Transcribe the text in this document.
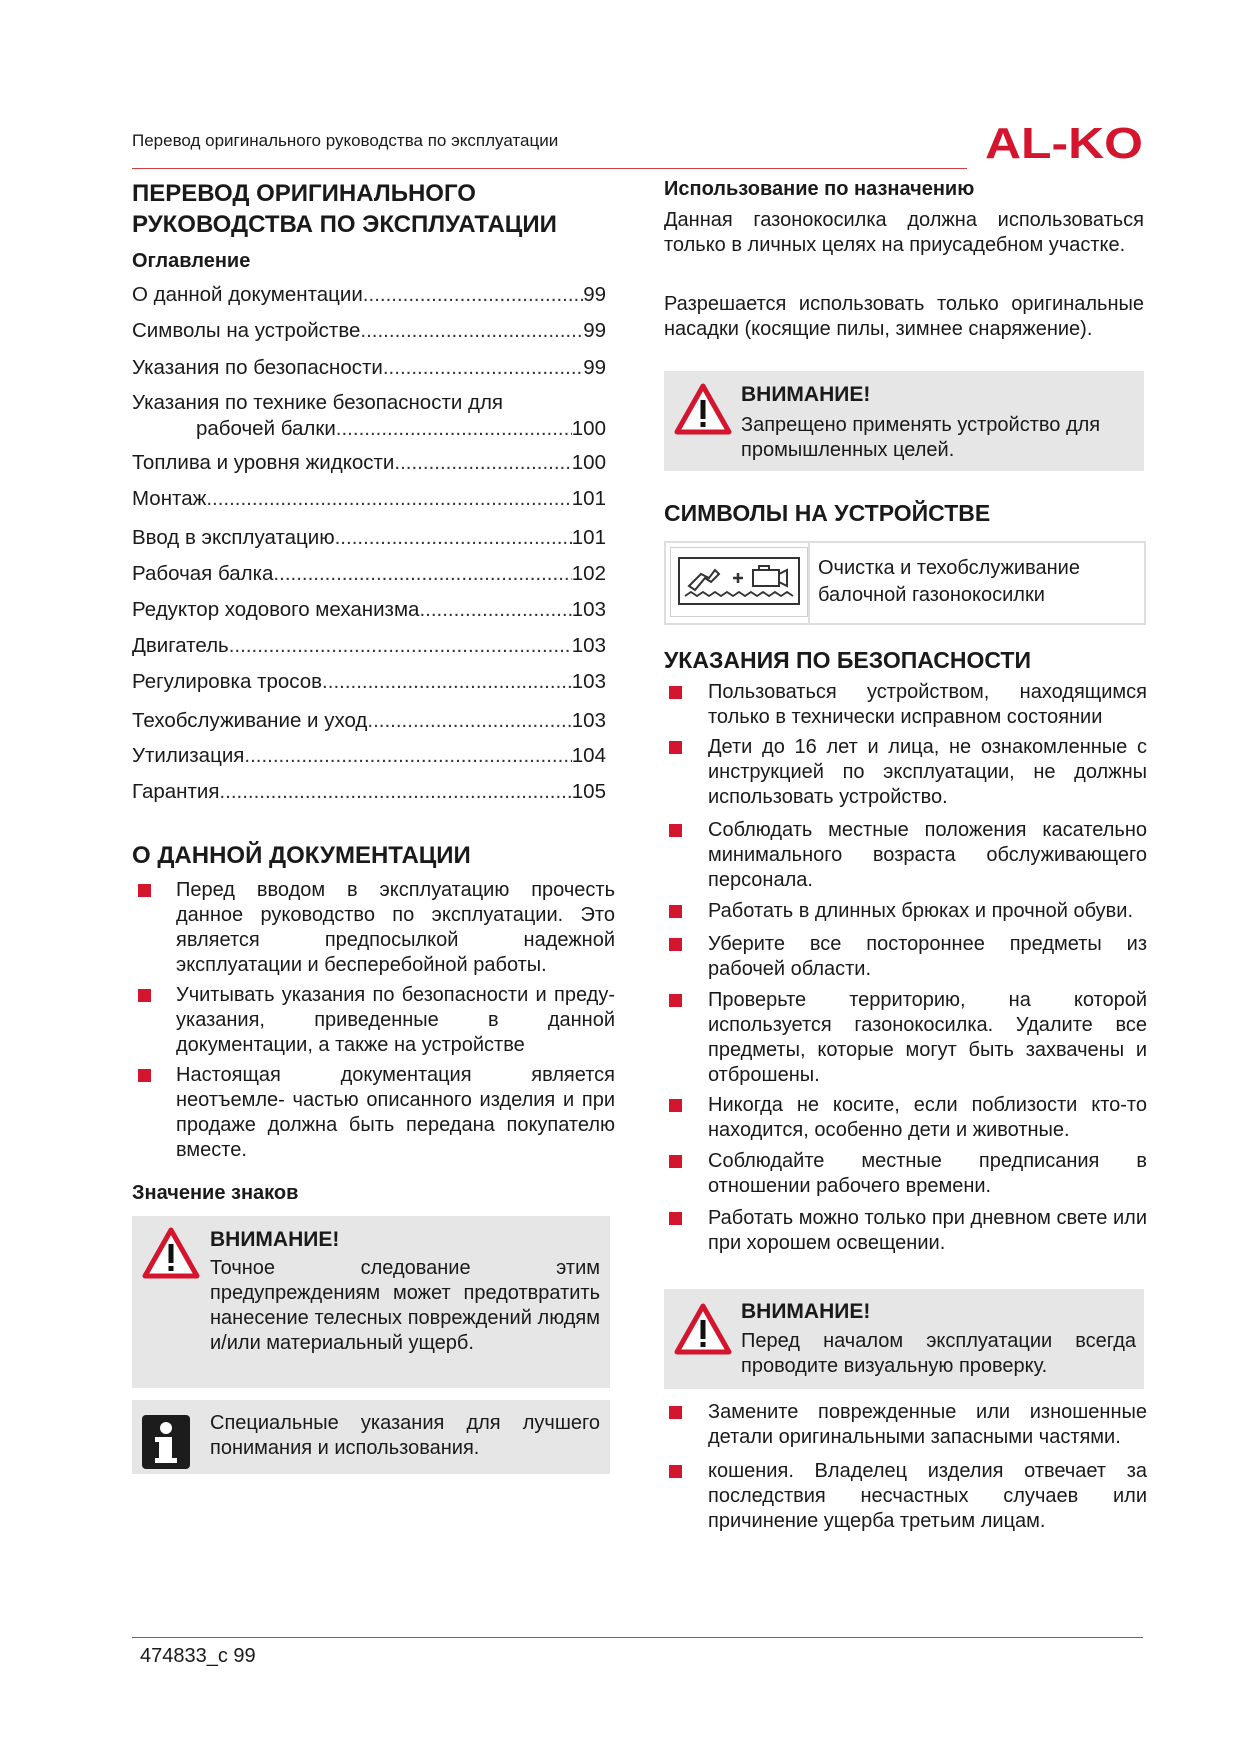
Перевод оригинального руководства по эксплуатации	AL-KO
ПЕРЕВОД ОРИГИНАЛЬНОГО РУКОВОДСТВА ПО ЭКСПЛУАТАЦИИ
Оглавление
О данной документации .....	99
Символы на устройстве .....	99
Указания по безопасности .....	99
Указания по технике безопасности для
рабочей балки .....	100
Топлива и уровня жидкости .....	100
Монтаж .....	101
Ввод в эксплуатацию .....	101
Рабочая балка .....	102
Редуктор ходового механизма .....	103
Двигатель .....	103
Регулировка тросов .....	103
Техобслуживание и уход .....	103
Утилизация .....	104
Гарантия .....	105
О ДАННОЙ ДОКУМЕНТАЦИИ
Перед вводом в эксплуатацию прочесть данное руководство по эксплуатации. Это является предпосылкой надежной эксплуатации и бесперебойной работы.
Учитывать указания по безопасности и преду- указания, приведенные в данной документации, а также на устройстве
Настоящая документация является неотъемле- частью описанного изделия и при продаже должна быть передана покупателю вместе.
Значение знаков
ВНИМАНИЕ!
Точное следование этим предупреждениям может предотвратить нанесение телесных повреждений людям и/или материальный ущерб.
Специальные указания для лучшего понимания и использования.
Использование по назначению

Данная газонокосилка должна использоваться только в личных целях на приусадебном участке.

Разрешается использовать только оригинальные насадки (косящие пилы, зимнее снаряжение).

ВНИМАНИЕ!
Запрещено применять устройство для промышленных целей.
СИМВОЛЫ НА УСТРОЙСТВЕ
Очистка и техобслуживание балочной газонокосилки
УКАЗАНИЯ ПО БЕЗОПАСНОСТИ
Пользоваться устройством, находящимся только в технически исправном состоянии
Дети до 16 лет и лица, не ознакомленные с инструкцией по эксплуатации, не должны использовать устройство.
Соблюдать местные положения касательно минимального возраста обслуживающего персонала.
Работать в длинных брюках и прочной обуви.
Уберите все постороннее предметы из рабочей области.
Проверьте территорию, на которой используется газонокосилка. Удалите все предметы, которые могут быть захвачены и отброшены.
Никогда не косите, если поблизости кто-то находится, особенно дети и животные.
Соблюдайте местные предписания в отношении рабочего времени.
Работать можно только при дневном свете или при хорошем освещении.
ВНИМАНИЕ!
Перед началом эксплуатации всегда проводите визуальную проверку.
Замените поврежденные или изношенные детали оригинальными запасными частями.
кошения. Владелец изделия отвечает за последствия несчастных случаев или причинение ущерба третьим лицам.
474833_c 99
